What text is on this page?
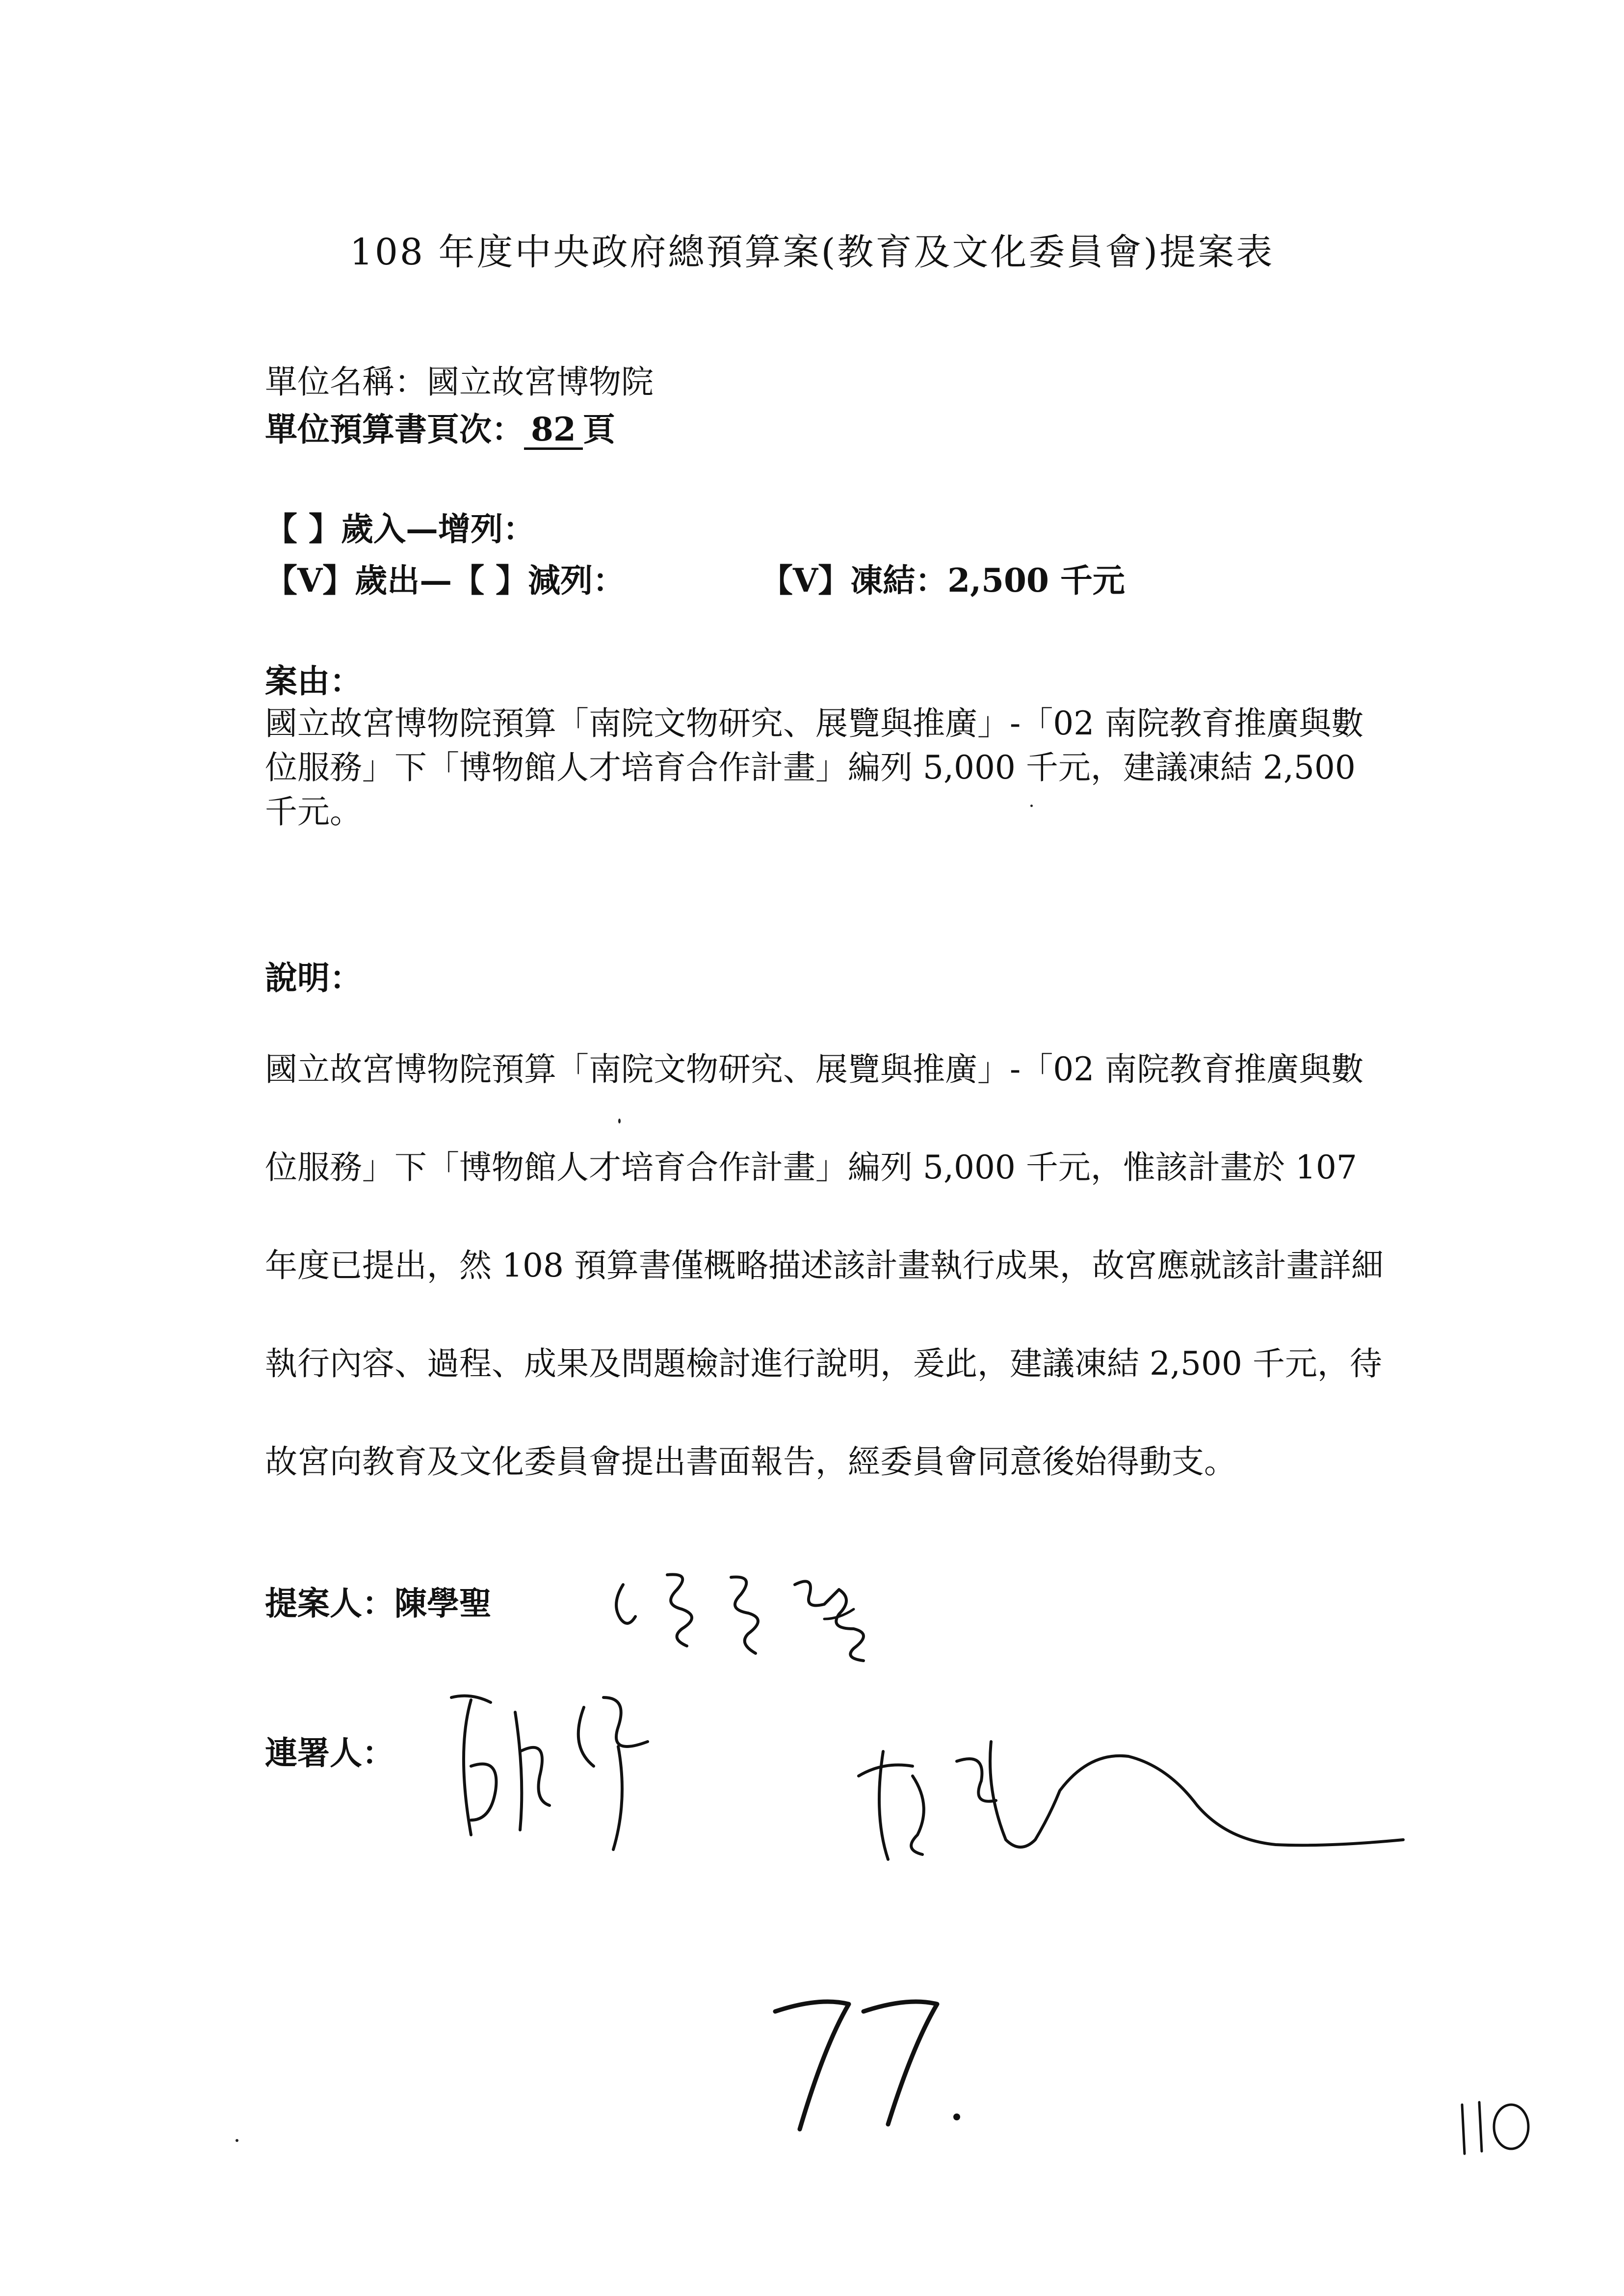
108 年度中央政府總預算案(教育及文化委員會)提案表
單位名稱：國立故宮博物院
單位預算書頁次： 82 頁
【 】歲入—增列：
【V】歲出—【 】減列：	【V】凍結：2,500 千元
案由：
國立故宮博物院預算「南院文物研究、展覽與推廣」-「02 南院教育推廣與數位服務」下「博物館人才培育合作計畫」編列 5,000 千元，建議凍結 2,500 千元。
說明：
國立故宮博物院預算「南院文物研究、展覽與推廣」-「02 南院教育推廣與數位服務」下「博物館人才培育合作計畫」編列 5,000 千元，惟該計畫於 107 年度已提出，然 108 預算書僅概略描述該計畫執行成果，故宮應就該計畫詳細執行內容、過程、成果及問題檢討進行說明，爰此，建議凍結 2,500 千元，待故宮向教育及文化委員會提出書面報告，經委員會同意後始得動支。
提案人：陳學聖
連署人：
